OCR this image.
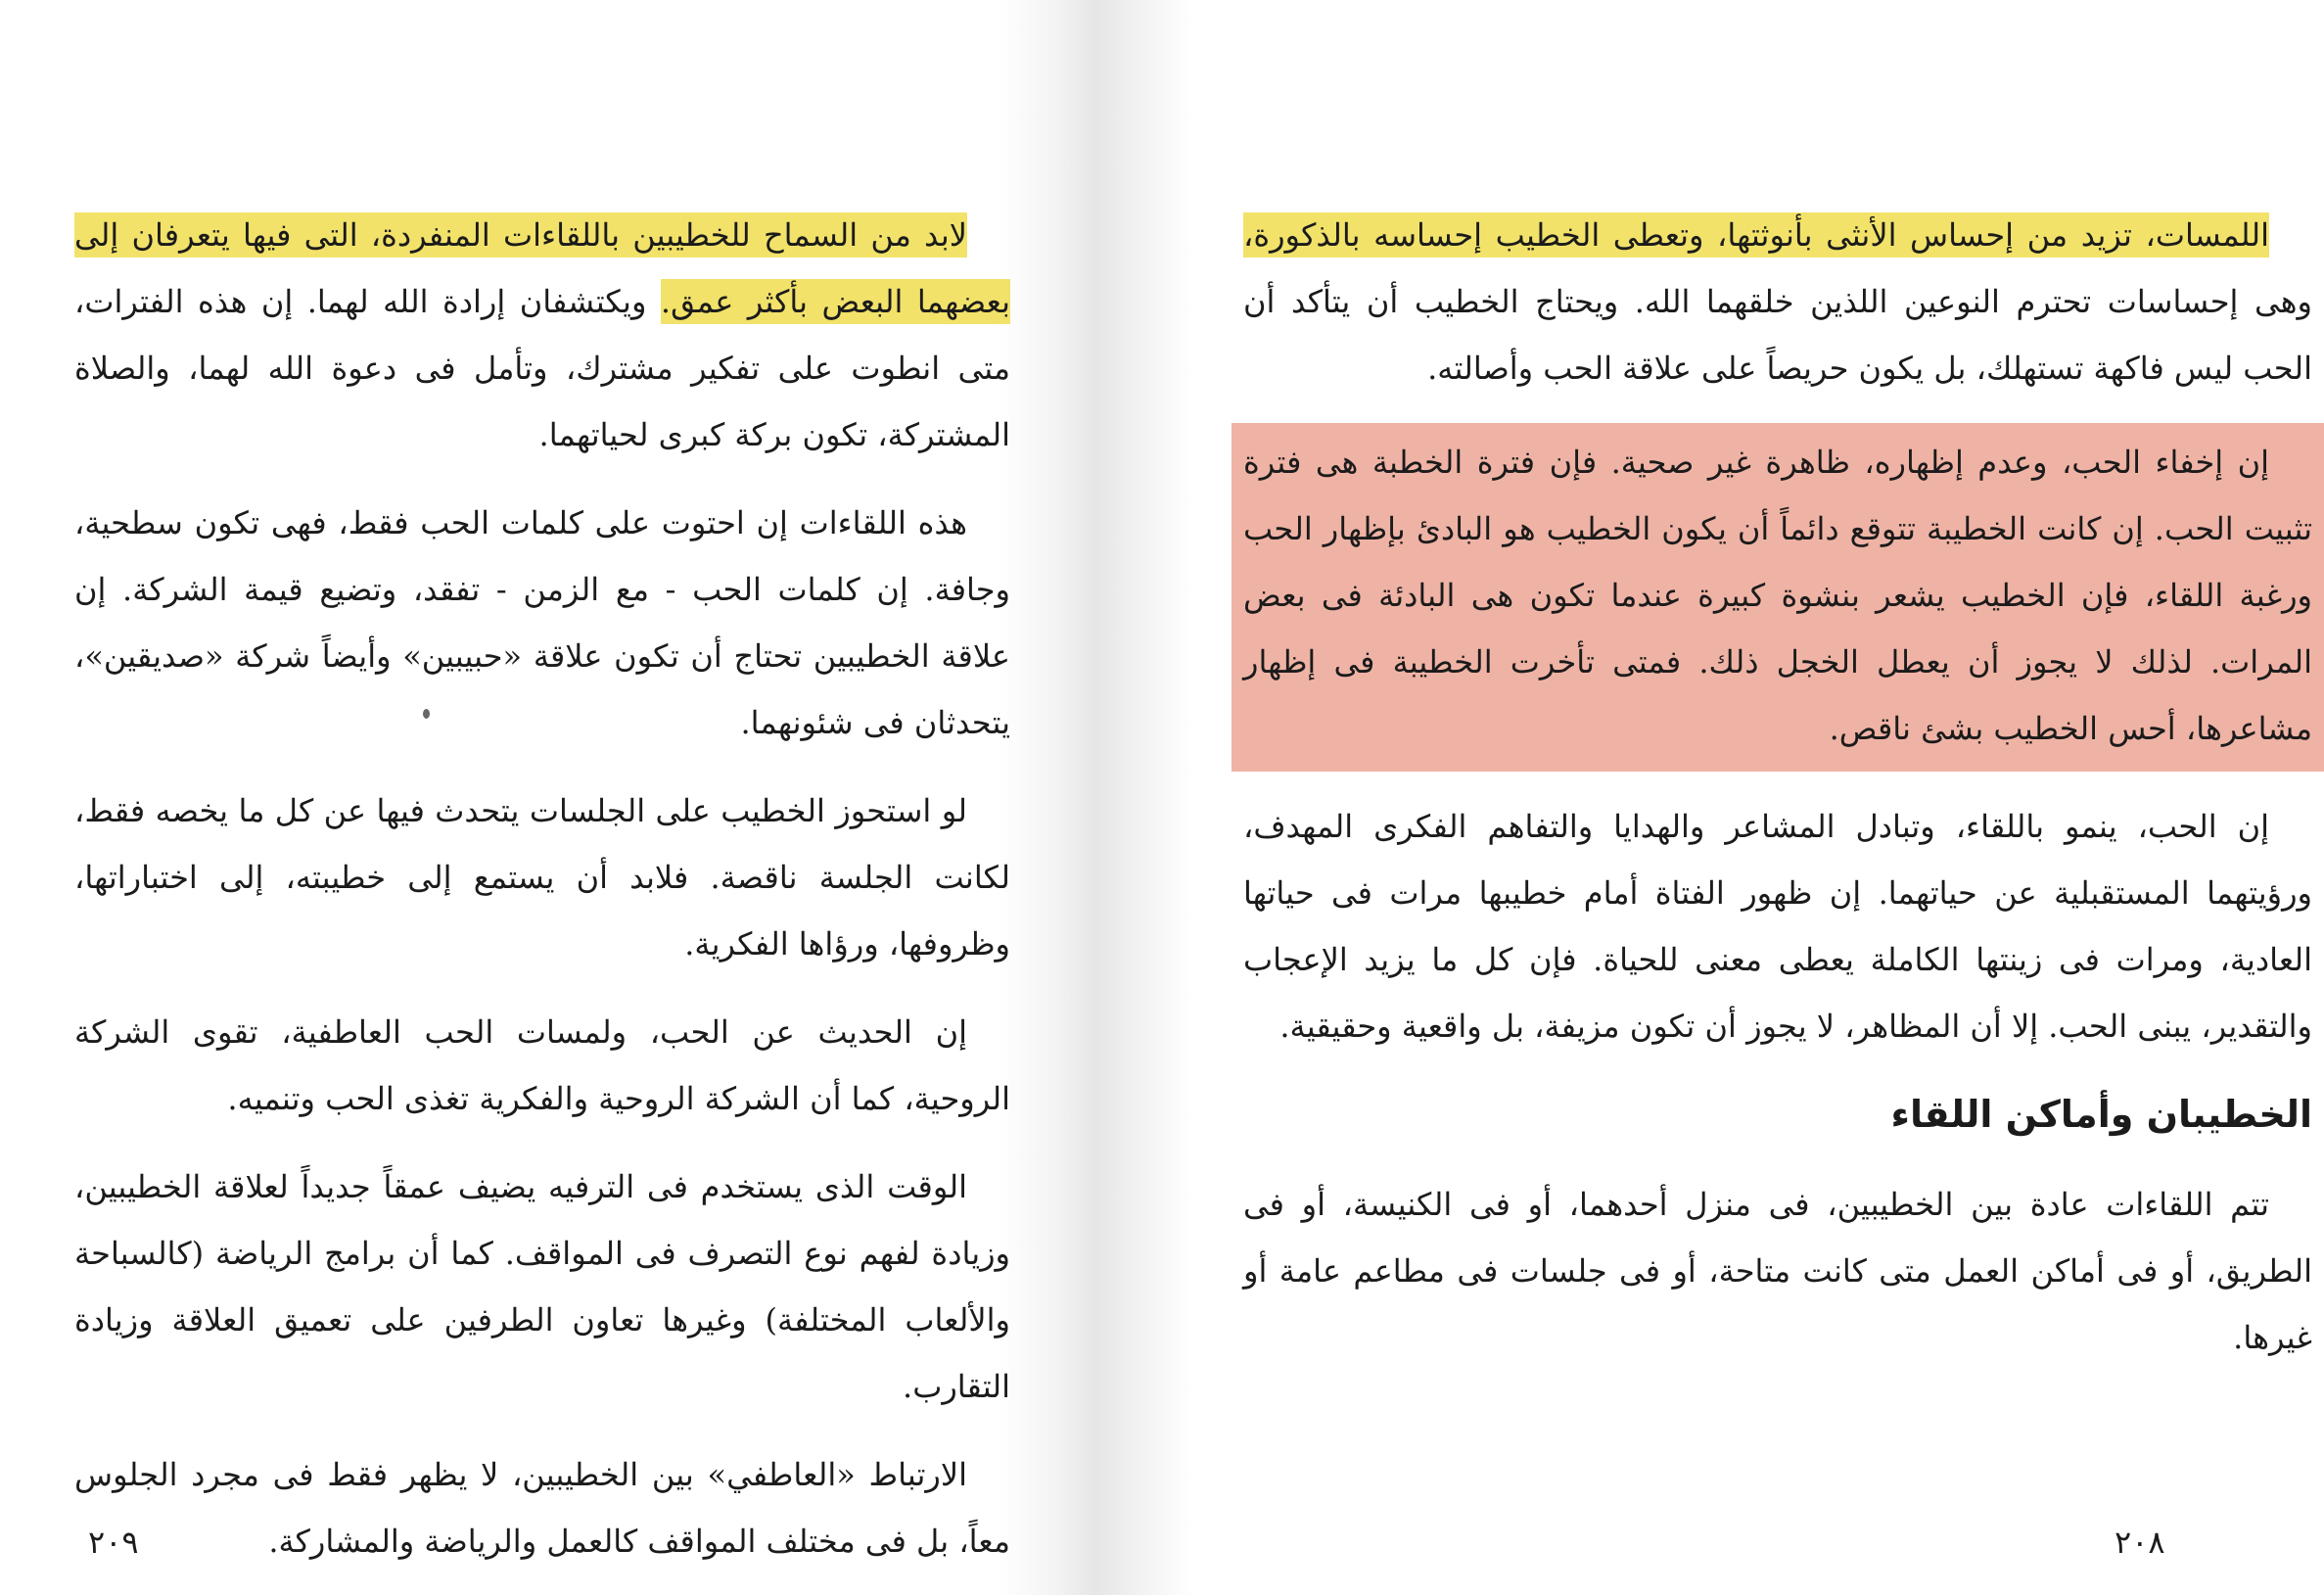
لابد من السماح للخطيبين باللقاءات المنفردة، التى فيها يتعرفان إلى بعضهما البعض بأكثر عمق. ويكتشفان إرادة الله لهما. إن هذه الفترات، متى انطوت على تفكير مشترك، وتأمل فى دعوة الله لهما، والصلاة المشتركة، تكون بركة كبرى لحياتهما.

هذه اللقاءات إن احتوت على كلمات الحب فقط، فهى تكون سطحية، وجافة. إن كلمات الحب - مع الزمن - تفقد، وتضيع قيمة الشركة. إن علاقة الخطيبين تحتاج أن تكون علاقة «حبيبين» وأيضاً شركة «صديقين»، يتحدثان فى شئونهما.

لو استحوز الخطيب على الجلسات يتحدث فيها عن كل ما يخصه فقط، لكانت الجلسة ناقصة. فلابد أن يستمع إلى خطيبته، إلى اختباراتها، وظروفها، ورؤاها الفكرية.

إن الحديث عن الحب، ولمسات الحب العاطفية، تقوى الشركة الروحية، كما أن الشركة الروحية والفكرية تغذى الحب وتنميه.

الوقت الذى يستخدم فى الترفيه يضيف عمقاً جديداً لعلاقة الخطيبين، وزيادة لفهم نوع التصرف فى المواقف. كما أن برامج الرياضة (كالسباحة والألعاب المختلفة) وغيرها تعاون الطرفين على تعميق العلاقة وزيادة التقارب.

الارتباط «العاطفي» بين الخطيبين، لا يظهر فقط فى مجرد الجلوس معاً، بل فى مختلف المواقف كالعمل والرياضة والمشاركة.

٢٠٩

اللمسات، تزيد من إحساس الأنثى بأنوثتها، وتعطى الخطيب إحساسه بالذكورة، وهى إحساسات تحترم النوعين اللذين خلقهما الله. ويحتاج الخطيب أن يتأكد أن الحب ليس فاكهة تستهلك، بل يكون حريصاً على علاقة الحب وأصالته.

إن إخفاء الحب، وعدم إظهاره، ظاهرة غير صحية. فإن فترة الخطبة هى فترة تثبيت الحب. إن كانت الخطيبة تتوقع دائماً أن يكون الخطيب هو البادئ بإظهار الحب ورغبة اللقاء، فإن الخطيب يشعر بنشوة كبيرة عندما تكون هى البادئة فى بعض المرات. لذلك لا يجوز أن يعطل الخجل ذلك. فمتى تأخرت الخطيبة فى إظهار مشاعرها، أحس الخطيب بشئ ناقص.

إن الحب، ينمو باللقاء، وتبادل المشاعر والهدايا والتفاهم الفكرى المهدف، ورؤيتهما المستقبلية عن حياتهما. إن ظهور الفتاة أمام خطيبها مرات فى حياتها العادية، ومرات فى زينتها الكاملة يعطى معنى للحياة. فإن كل ما يزيد الإعجاب والتقدير، يبنى الحب. إلا أن المظاهر، لا يجوز أن تكون مزيفة، بل واقعية وحقيقية.

الخطيبان وأماكن اللقاء

تتم اللقاءات عادة بين الخطيبين، فى منزل أحدهما، أو فى الكنيسة، أو فى الطريق، أو فى أماكن العمل متى كانت متاحة، أو فى جلسات فى مطاعم عامة أو غيرها.

٢٠٨
